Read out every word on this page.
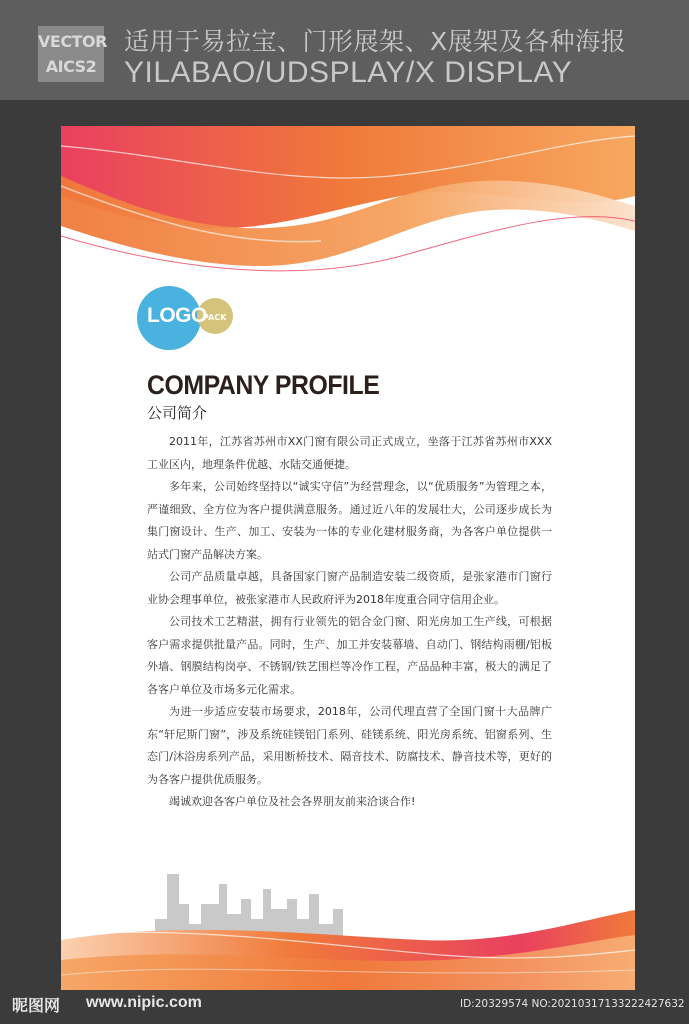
VECTOR
AICS2
适用于易拉宝、门形展架、X展架及各种海报
YILABAO/UDSPLAY/X DISPLAY
LOGO
PACK
COMPANY PROFILE
公司简介

2011年，江苏省苏州市XX门窗有限公司正式成立，坐落于江苏省苏州市XXX工业区内，地理条件优越、水陆交通便捷。

多年来，公司始终坚持以“诚实守信”为经营理念，以“优质服务”为管理之本，严谨细致、全方位为客户提供满意服务。通过近八年的发展壮大，公司逐步成长为集门窗设计、生产、加工、安装为一体的专业化建材服务商，为各客户单位提供一站式门窗产品解决方案。

公司产品质量卓越，具备国家门窗产品制造安装二级资质，是张家港市门窗行业协会理事单位，被张家港市人民政府评为2018年度重合同守信用企业。

公司技术工艺精湛，拥有行业领先的铝合金门窗、阳光房加工生产线，可根据客户需求提供批量产品。同时，生产、加工并安装幕墙、自动门、钢结构雨棚/铝板外墙、钢膜结构岗亭、不锈钢/铁艺围栏等冷作工程，产品品种丰富，极大的满足了各客户单位及市场多元化需求。

为进一步适应安装市场要求，2018年，公司代理直营了全国门窗十大品牌广东“轩尼斯门窗”，涉及系统硅镁铝门系列、硅镁系统、阳光房系统、铝窗系列、生态门/沐浴房系列产品，采用断桥技术、隔音技术、防腐技术、静音技术等，更好的为各客户提供优质服务。

竭诚欢迎各客户单位及社会各界朋友前来洽谈合作!

昵图网 www.nipic.com	ID:20329574 NO:20210317133222427632
